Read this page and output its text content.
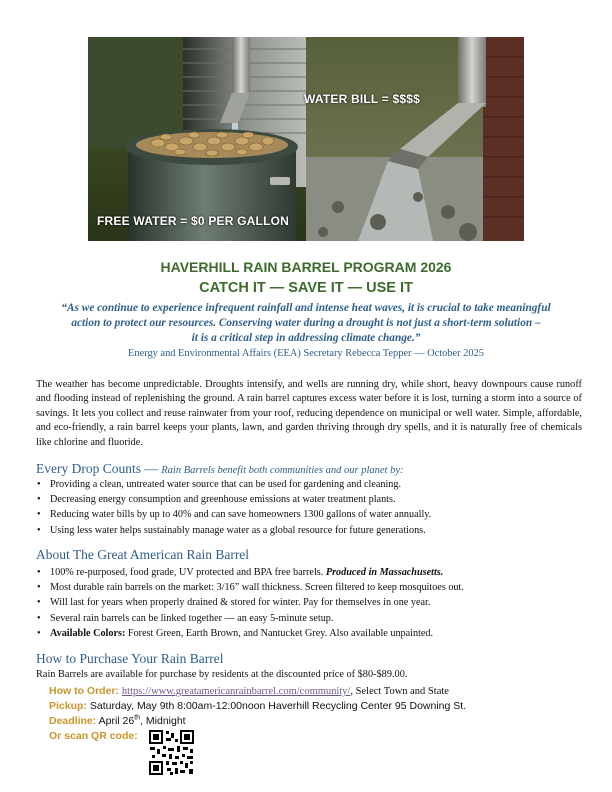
WATER BILL = $$$$
FREE WATER = $0 PER GALLON
HAVERHILL RAIN BARREL PROGRAM 2026
CATCH IT — SAVE IT — USE IT
“As we continue to experience infrequent rainfall and intense heat waves, it is crucial to take meaningful
action to protect our resources. Conserving water during a drought is not just a short-term solution –
it is a critical step in addressing climate change.”
Energy and Environmental Affairs (EEA) Secretary Rebecca Tepper — October 2025
The weather has become unpredictable. Droughts intensify, and wells are running dry, while short, heavy downpours cause runoff and flooding instead of replenishing the ground. A rain barrel captures excess water before it is lost, turning a storm into a source of savings. It lets you collect and reuse rainwater from your roof, reducing dependence on municipal or well water. Simple, affordable, and eco-friendly, a rain barrel keeps your plants, lawn, and garden thriving through dry spells, and it is naturally free of chemicals like chlorine and fluoride.
Every Drop Counts — Rain Barrels benefit both communities and our planet by:
• Providing a clean, untreated water source that can be used for gardening and cleaning.
• Decreasing energy consumption and greenhouse emissions at water treatment plants.
• Reducing water bills by up to 40% and can save homeowners 1300 gallons of water annually.
• Using less water helps sustainably manage water as a global resource for future generations.
About The Great American Rain Barrel
• 100% re-purposed, food grade, UV protected and BPA free barrels. Produced in Massachusetts.
• Most durable rain barrels on the market: 3/16” wall thickness. Screen filtered to keep mosquitoes out.
• Will last for years when properly drained & stored for winter. Pay for themselves in one year.
• Several rain barrels can be linked together — an easy 5-minute setup.
• Available Colors: Forest Green, Earth Brown, and Nantucket Grey. Also available unpainted.
How to Purchase Your Rain Barrel
Rain Barrels are available for purchase by residents at the discounted price of $80-$89.00.
How to Order: https://www.greatamericanrainbarrel.com/community/, Select Town and State
Pickup: Saturday, May 9th 8:00am-12:00noon Haverhill Recycling Center 95 Downing St.
Deadline: April 26th, Midnight
Or scan QR code:
